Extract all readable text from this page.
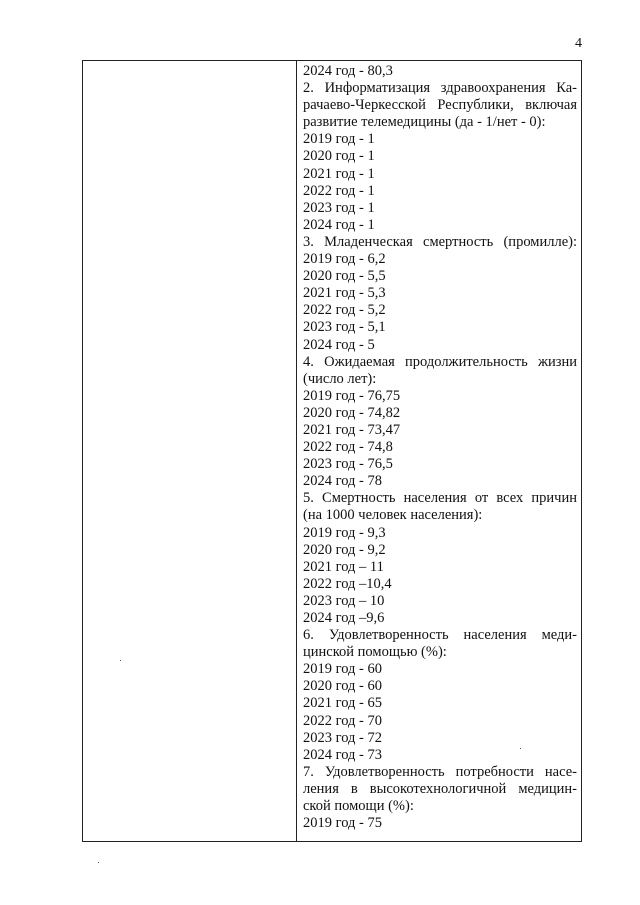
4
2024 год - 80,3
2. Информатизация здравоохранения Ка-
рачаево-Черкесской Республики, включая
развитие телемедицины (да - 1/нет - 0):
2019 год - 1
2020 год - 1
2021 год - 1
2022 год - 1
2023 год - 1
2024 год - 1
3. Младенческая смертность (промилле):
2019 год - 6,2
2020 год - 5,5
2021 год - 5,3
2022 год - 5,2
2023 год - 5,1
2024 год - 5
4. Ожидаемая продолжительность жизни
(число лет):
2019 год - 76,75
2020 год - 74,82
2021 год - 73,47
2022 год - 74,8
2023 год - 76,5
2024 год - 78
5. Смертность населения от всех причин
(на 1000 человек населения):
2019 год - 9,3
2020 год - 9,2
2021 год – 11
2022 год –10,4
2023 год – 10
2024 год –9,6
6. Удовлетворенность населения меди-
цинской помощью (%):
2019 год - 60
2020 год - 60
2021 год - 65
2022 год - 70
2023 год - 72
2024 год - 73
7. Удовлетворенность потребности насе-
ления в высокотехнологичной медицин-
ской помощи (%):
2019 год - 75
